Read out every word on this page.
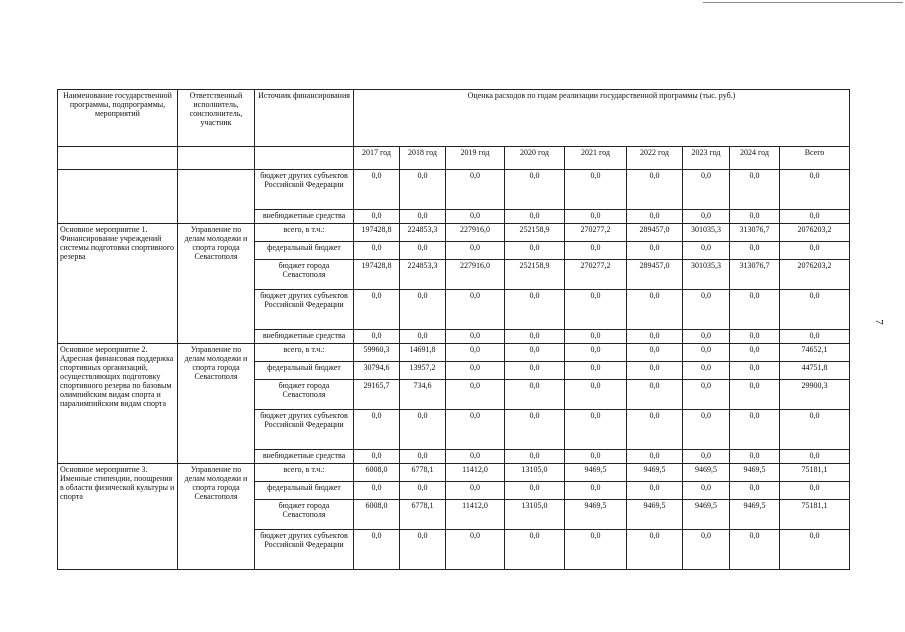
7
Наименование государственной программы, подпрограммы, мероприятий	Ответственный исполнитель, соисполнитель, участник	Источник финансирования	Оценка расходов по годам реализации государственной программы (тыс. руб.)								
			2017 год	2018 год	2019 год	2020 год	2021 год	2022 год	2023 год	2024 год	Всего
		бюджет других субъектов Российской Федерации	0,0	0,0	0,0	0,0	0,0	0,0	0,0	0,0	0,0
		внебюджетные средства	0,0	0,0	0,0	0,0	0,0	0,0	0,0	0,0	0,0
Основное мероприятие 1. Финансирование учреждений системы подготовки спортивного резерва	Управление по делам молодежи и спорта города Севастополя	всего, в т.ч.:	197428,8	224853,3	227916,0	252158,9	270277,2	289457,0	301035,3	313076,7	2076203,2
		федеральный бюджет	0,0	0,0	0,0	0,0	0,0	0,0	0,0	0,0	0,0
		бюджет города Севастополя	197428,8	224853,3	227916,0	252158,9	270277,2	289457,0	301035,3	313076,7	2076203,2
		бюджет других субъектов Российской Федерации	0,0	0,0	0,0	0,0	0,0	0,0	0,0	0,0	0,0
		внебюджетные средства	0,0	0,0	0,0	0,0	0,0	0,0	0,0	0,0	0,0
Основное мероприятие 2. Адресная финансовая поддержка спортивных организаций, осуществляющих подготовку спортивного резерва по базовым олимпийским видам спорта и паралимпийским видам спорта	Управление по делам молодежи и спорта города Севастополя	всего, в т.ч.:	59960,3	14691,8	0,0	0,0	0,0	0,0	0,0	0,0	74652,1
		федеральный бюджет	30794,6	13957,2	0,0	0,0	0,0	0,0	0,0	0,0	44751,8
		бюджет города Севастополя	29165,7	734,6	0,0	0,0	0,0	0,0	0,0	0,0	29900,3
		бюджет других субъектов Российской Федерации	0,0	0,0	0,0	0,0	0,0	0,0	0,0	0,0	0,0
		внебюджетные средства	0,0	0,0	0,0	0,0	0,0	0,0	0,0	0,0	0,0
Основное мероприятие 3. Именные стипендии, поощрения в области физической культуры и спорта	Управление по делам молодежи и спорта города Севастополя	всего, в т.ч.:	6008,0	6778,1	11412,0	13105,0	9469,5	9469,5	9469,5	9469,5	75181,1
		федеральный бюджет	0,0	0,0	0,0	0,0	0,0	0,0	0,0	0,0	0,0
		бюджет города Севастополя	6008,0	6778,1	11412,0	13105,0	9469,5	9469,5	9469,5	9469,5	75181,1
		бюджет других субъектов Российской Федерации	0,0	0,0	0,0	0,0	0,0	0,0	0,0	0,0	0,0
